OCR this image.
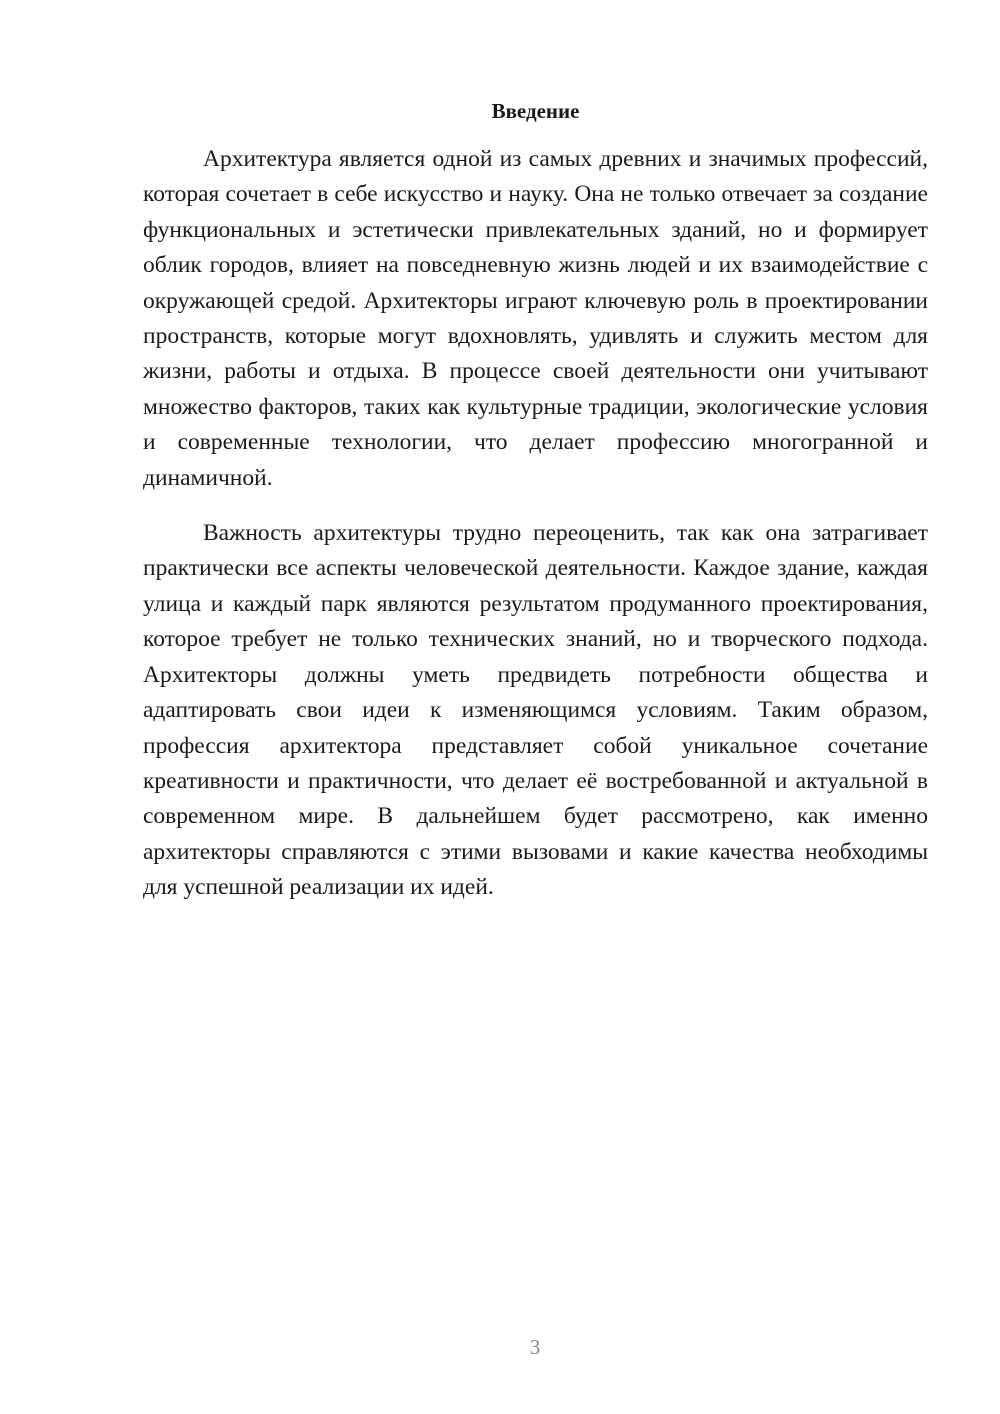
Введение

Архитектура является одной из самых древних и значимых профессий, которая сочетает в себе искусство и науку. Она не только отвечает за создание функциональных и эстетически привлекательных зданий, но и формирует облик городов, влияет на повседневную жизнь людей и их взаимодействие с окружающей средой. Архитекторы играют ключевую роль в проектировании пространств, которые могут вдохновлять, удивлять и служить местом для жизни, работы и отдыха. В процессе своей деятельности они учитывают множество факторов, таких как культурные традиции, экологические условия и современные технологии, что делает профессию многогранной и динамичной.

Важность архитектуры трудно переоценить, так как она затрагивает практически все аспекты человеческой деятельности. Каждое здание, каждая улица и каждый парк являются результатом продуманного проектирования, которое требует не только технических знаний, но и творческого подхода. Архитекторы должны уметь предвидеть потребности общества и адаптировать свои идеи к изменяющимся условиям. Таким образом, профессия архитектора представляет собой уникальное сочетание креативности и практичности, что делает её востребованной и актуальной в современном мире. В дальнейшем будет рассмотрено, как именно архитекторы справляются с этими вызовами и какие качества необходимы для успешной реализации их идей.

3
